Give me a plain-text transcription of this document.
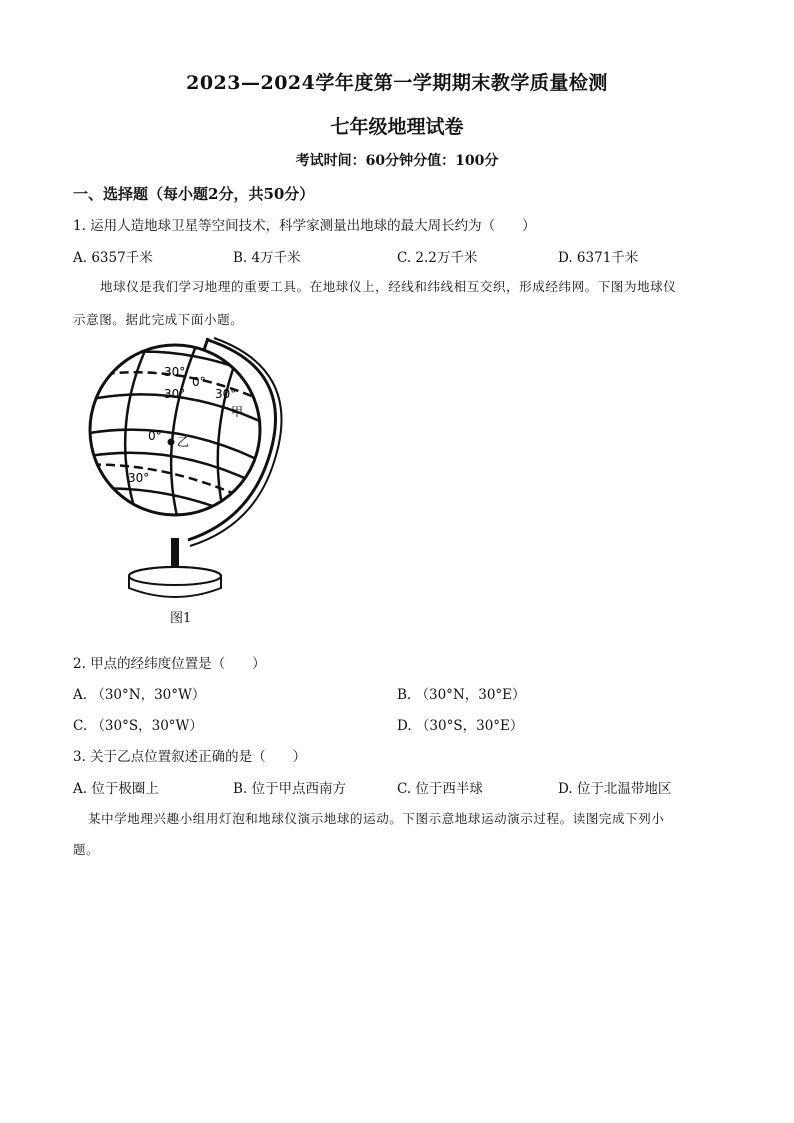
2023—2024学年度第一学期期末教学质量检测
七年级地理试卷
考试时间：60分钟分值：100分
一、选择题（每小题2分，共50分）
1. 运用人造地球卫星等空间技术，科学家测量出地球的最大周长约为（　　）
A. 6357千米	B. 4万千米	C. 2.2万千米	D. 6371千米
地球仪是我们学习地理的重要工具。在地球仪上，经线和纬线相互交织，形成经纬网。下图为地球仪
示意图。据此完成下面小题。
30°
30°
0°
30°
甲
0° 乙
30°
图1
2. 甲点的经纬度位置是（　　）
A. （30°N，30°W）	B. （30°N，30°E）
C. （30°S，30°W）	D. （30°S，30°E）
3. 关于乙点位置叙述正确的是（　　）
A. 位于极圈上	B. 位于甲点西南方	C. 位于西半球	D. 位于北温带地区
某中学地理兴趣小组用灯泡和地球仪演示地球的运动。下图示意地球运动演示过程。读图完成下列小
题。
